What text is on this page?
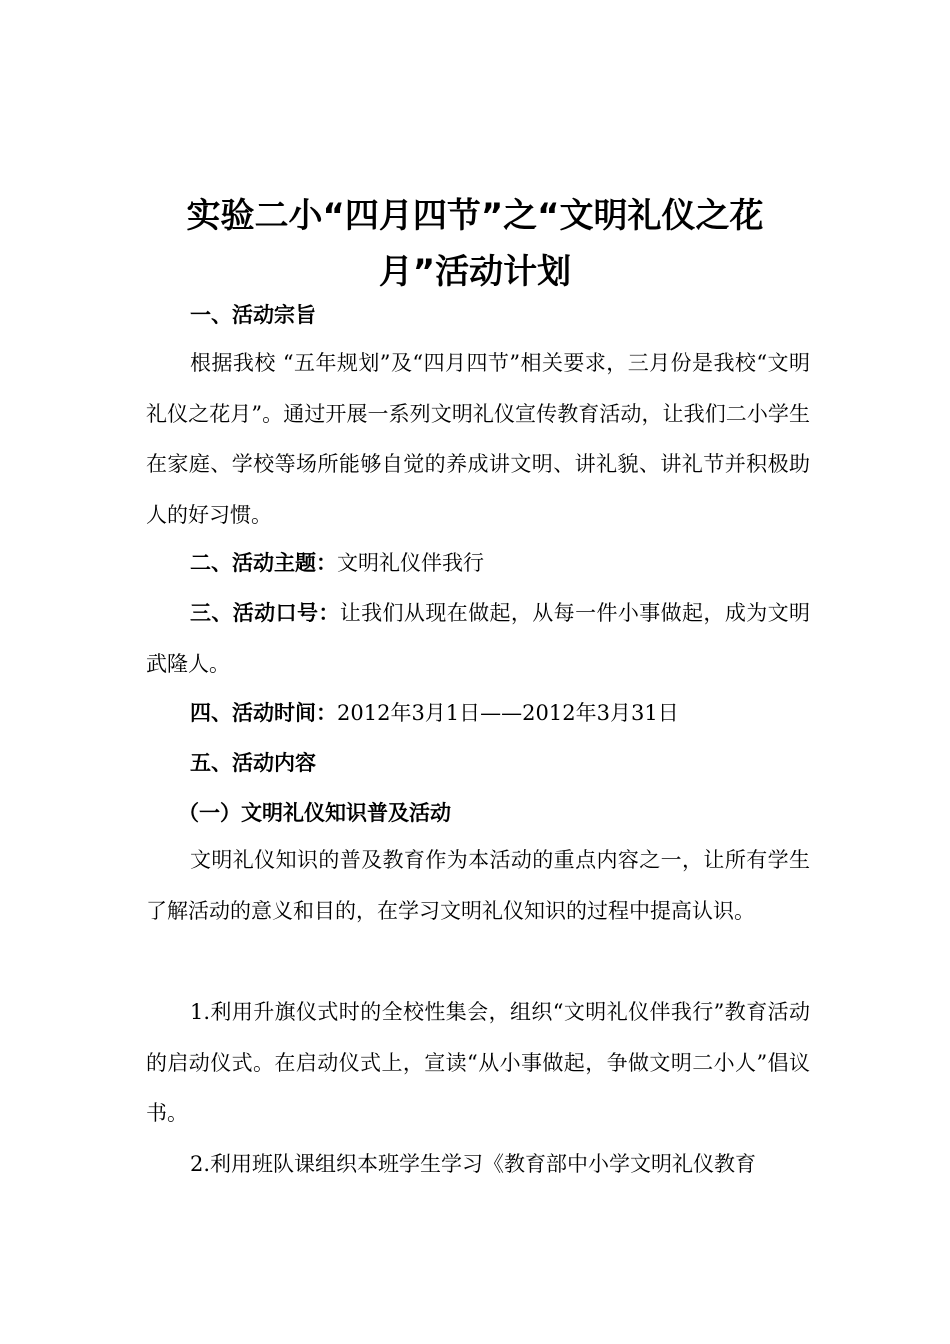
实验二小“四月四节”之“文明礼仪之花
月”活动计划

一、活动宗旨

根据我校 “五年规划”及“四月四节”相关要求，三月份是我校“文明礼仪之花月”。通过开展一系列文明礼仪宣传教育活动，让我们二小学生在家庭、学校等场所能够自觉的养成讲文明、讲礼貌、讲礼节并积极助人的好习惯。

二、活动主题：文明礼仪伴我行

三、活动口号：让我们从现在做起，从每一件小事做起，成为文明武隆人。

四、活动时间：2012年3月1日——2012年3月31日

五、活动内容

（一）文明礼仪知识普及活动

文明礼仪知识的普及教育作为本活动的重点内容之一，让所有学生了解活动的意义和目的，在学习文明礼仪知识的过程中提高认识。

1.利用升旗仪式时的全校性集会，组织“文明礼仪伴我行”教育活动的启动仪式。在启动仪式上，宣读“从小事做起，争做文明二小人”倡议书。

2.利用班队课组织本班学生学习《教育部中小学文明礼仪教育
